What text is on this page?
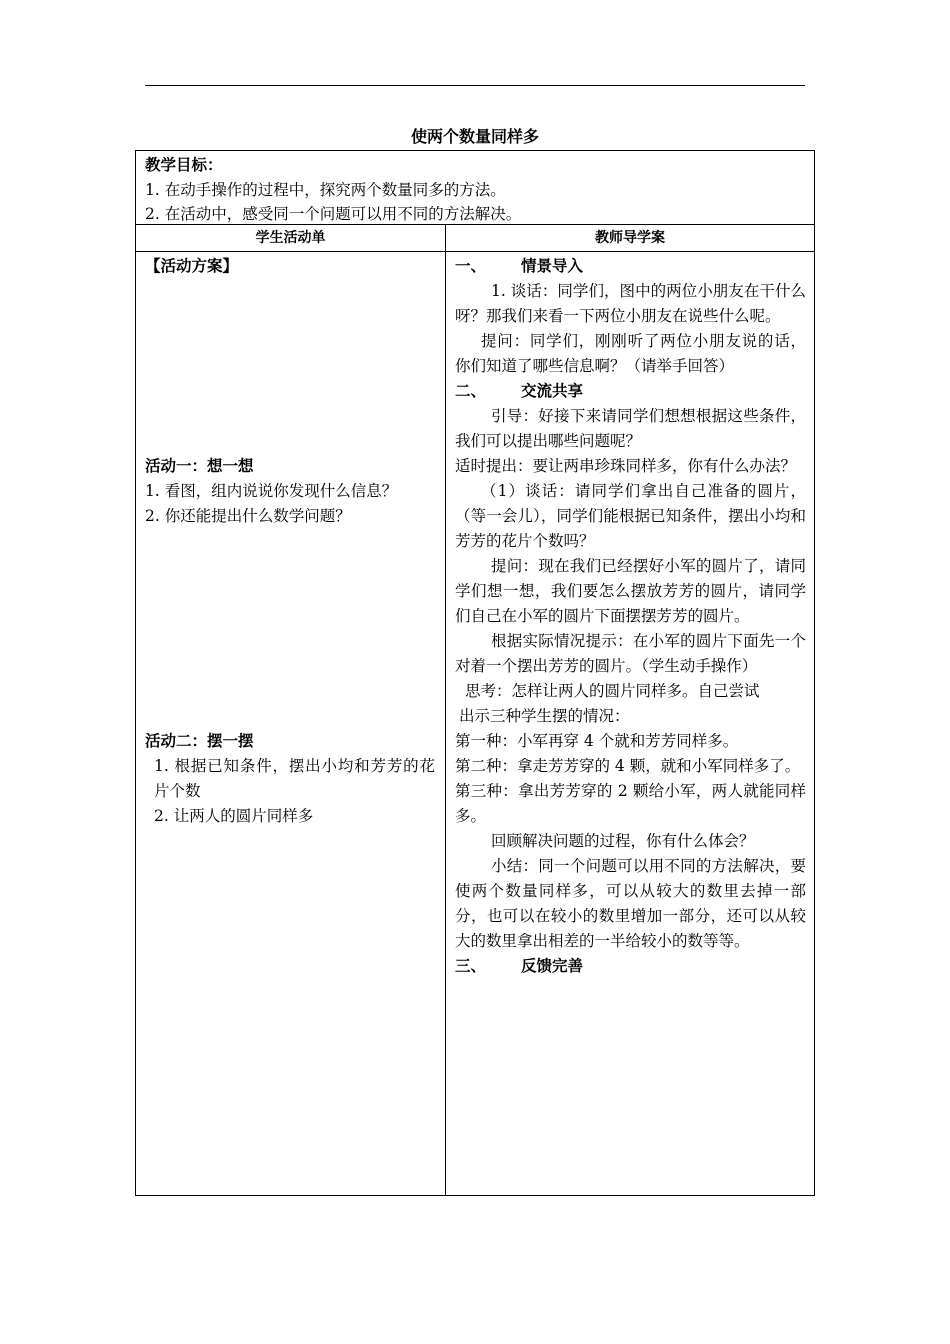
使两个数量同样多
教学目标：
1. 在动手操作的过程中，探究两个数量同多的方法。
2. 在活动中，感受同一个问题可以用不同的方法解决。
学生活动单	教师导学案
【活动方案】
活动一：想一想
1. 看图，组内说说你发现什么信息？
2. 你还能提出什么数学问题？
活动二：摆一摆
1. 根据已知条件，摆出小均和芳芳的花片个数
2. 让两人的圆片同样多
一、 情景导入
1. 谈话：同学们，图中的两位小朋友在干什么呀？那我们来看一下两位小朋友在说些什么呢。
提问：同学们，刚刚听了两位小朋友说的话，你们知道了哪些信息啊？（请举手回答）
二、 交流共享
引导：好接下来请同学们想想根据这些条件，我们可以提出哪些问题呢？
适时提出：要让两串珍珠同样多，你有什么办法？
（1）谈话：请同学们拿出自己准备的圆片，（等一会儿），同学们能根据已知条件，摆出小均和芳芳的花片个数吗？
提问：现在我们已经摆好小军的圆片了，请同学们想一想，我们要怎么摆放芳芳的圆片，请同学们自己在小军的圆片下面摆摆芳芳的圆片。
根据实际情况提示：在小军的圆片下面先一个对着一个摆出芳芳的圆片。（学生动手操作）
思考：怎样让两人的圆片同样多。自己尝试
出示三种学生摆的情况：
第一种：小军再穿 4 个就和芳芳同样多。
第二种：拿走芳芳穿的 4 颗，就和小军同样多了。
第三种：拿出芳芳穿的 2 颗给小军，两人就能同样多。
回顾解决问题的过程，你有什么体会？
小结：同一个问题可以用不同的方法解决，要使两个数量同样多，可以从较大的数里去掉一部分，也可以在较小的数里增加一部分，还可以从较大的数里拿出相差的一半给较小的数等等。
三、 反馈完善
